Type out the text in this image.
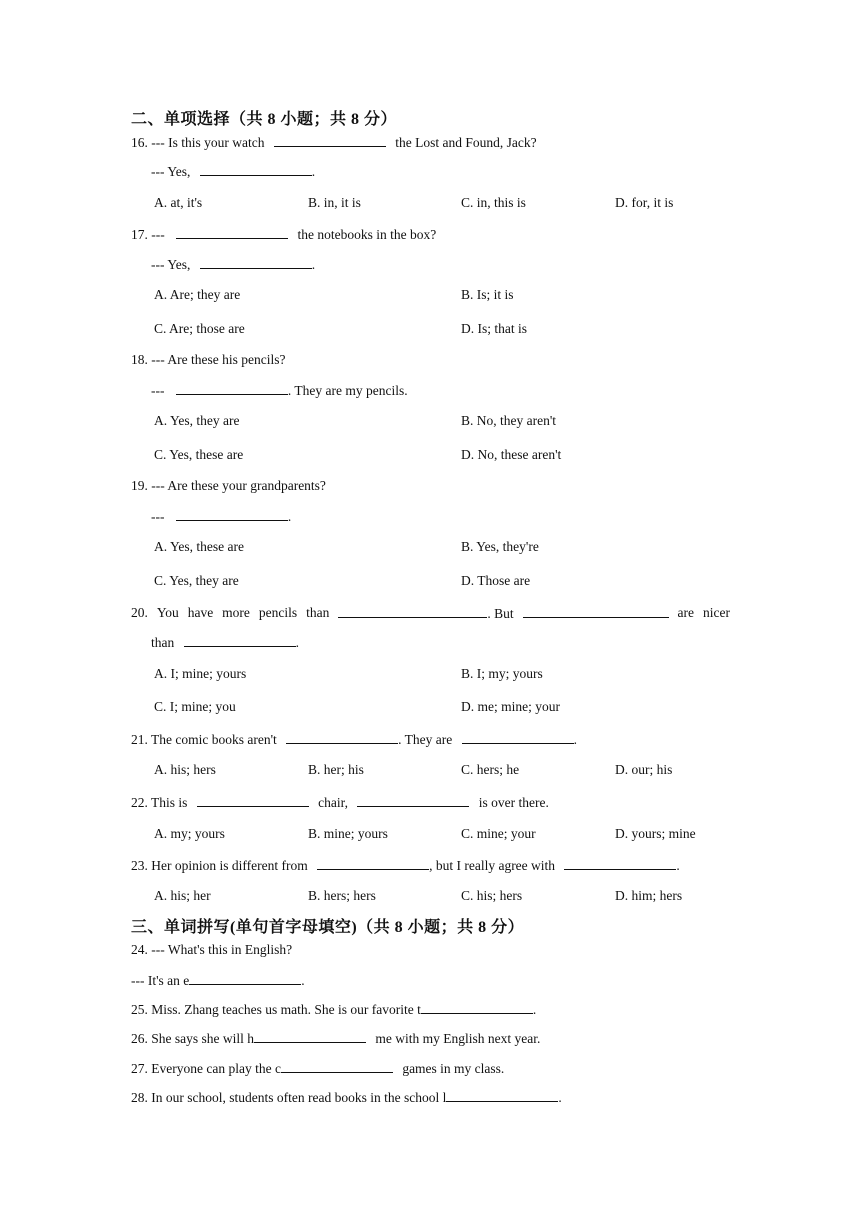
二、单项选择（共 8 小题；共 8 分）
16. --- Is this your watch	the Lost and Found, Jack?
--- Yes,	.
A. at, it's	B. in, it is	C. in, this is	D. for, it is
17. ---	the notebooks in the box?
--- Yes,	.
A. Are; they are	B. Is; it is
C. Are; those are	D. Is; that is
18. --- Are these his pencils?
---	. They are my pencils.
A. Yes, they are	B. No, they aren't
C. Yes, these are	D. No, these aren't
19. --- Are these your grandparents?
---	.
A. Yes, these are	B. Yes, they're
C. Yes, they are	D. Those are
20. You have more pencils than	. But	are nicer
than	.
A. I; mine; yours	B. I; my; yours
C. I; mine; you	D. me; mine; your
21. The comic books aren't	. They are	.
A. his; hers	B. her; his	C. hers; he	D. our; his
22. This is	chair,	is over there.
A. my; yours	B. mine; yours	C. mine; your	D. yours; mine
23. Her opinion is different from	, but I really agree with	.
A. his; her	B. hers; hers	C. his; hers	D. him; hers
三、单词拼写(单句首字母填空)（共 8 小题；共 8 分）
24. --- What's this in English?
--- It's an e	.
25. Miss. Zhang teaches us math. She is our favorite t	.
26. She says she will h	me with my English next year.
27. Everyone can play the c	games in my class.
28. In our school, students often read books in the school l	.
